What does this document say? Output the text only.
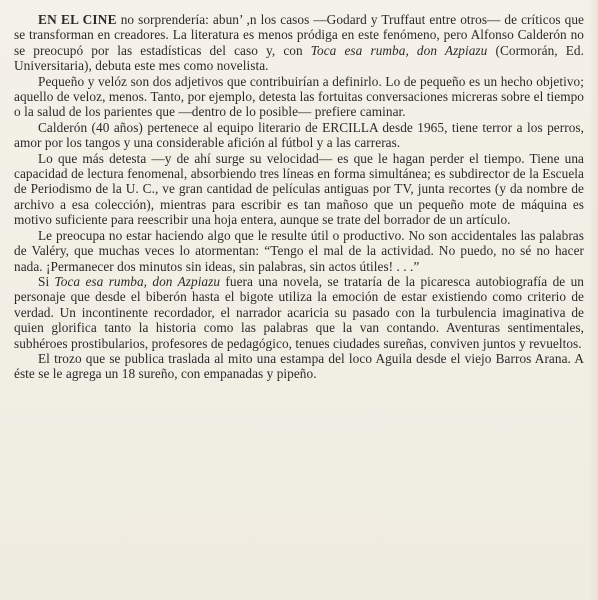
EN EL CINE no sorprendería: abun’ ,n los casos —Godard y Truffaut entre otros— de críticos que se transforman en creadores. La literatura es menos pródiga en este fenómeno, pero Alfonso Calderón no se preocupó por las estadísticas del caso y, con Toca esa rumba, don Azpiazu (Cormorán, Ed. Universitaria), debuta este mes como novelista.

Pequeño y velóz son dos adjetivos que contribuirían a definirlo. Lo de pequeño es un hecho objetivo; aquello de veloz, menos. Tanto, por ejemplo, detesta las fortuitas conversaciones micreras sobre el tiempo o la salud de los parientes que —dentro de lo posible— prefiere caminar.

Calderón (40 años) pertenece al equipo literario de ERCILLA desde 1965, tiene terror a los perros, amor por los tangos y una considerable afición al fútbol y a las carreras.

Lo que más detesta —y de ahí surge su velocidad— es que le hagan perder el tiempo. Tiene una capacidad de lectura fenomenal, absorbiendo tres líneas en forma simultánea; es subdirector de la Escuela de Periodismo de la U. C., ve gran cantidad de películas antiguas por TV, junta recortes (y da nombre de archivo a esa colección), mientras para escribir es tan mañoso que un pequeño mote de máquina es motivo suficiente para reescribir una hoja entera, aunque se trate del borrador de un artículo.

Le preocupa no estar haciendo algo que le resulte útil o productivo. No son accidentales las palabras de Valéry, que muchas veces lo atormentan: “Tengo el mal de la actividad. No puedo, no sé no hacer nada. ¡Permanecer dos minutos sin ideas, sin palabras, sin actos útiles! . . .”

Si Toca esa rumba, don Azpiazu fuera una novela, se trataría de la picaresca autobiografía de un personaje que desde el biberón hasta el bigote utiliza la emoción de estar existiendo como criterio de verdad. Un incontinente recordador, el narrador acaricia su pasado con la turbulencia imaginativa de quien glorifica tanto la historia como las palabras que la van contando. Aventuras sentimentales, subhéroes prostibularios, profesores de pedagógico, tenues ciudades sureñas, conviven juntos y revueltos.

El trozo que se publica traslada al mito una estampa del loco Aguila desde el viejo Barros Arana. A éste se le agrega un 18 sureño, con empanadas y pipeño.
